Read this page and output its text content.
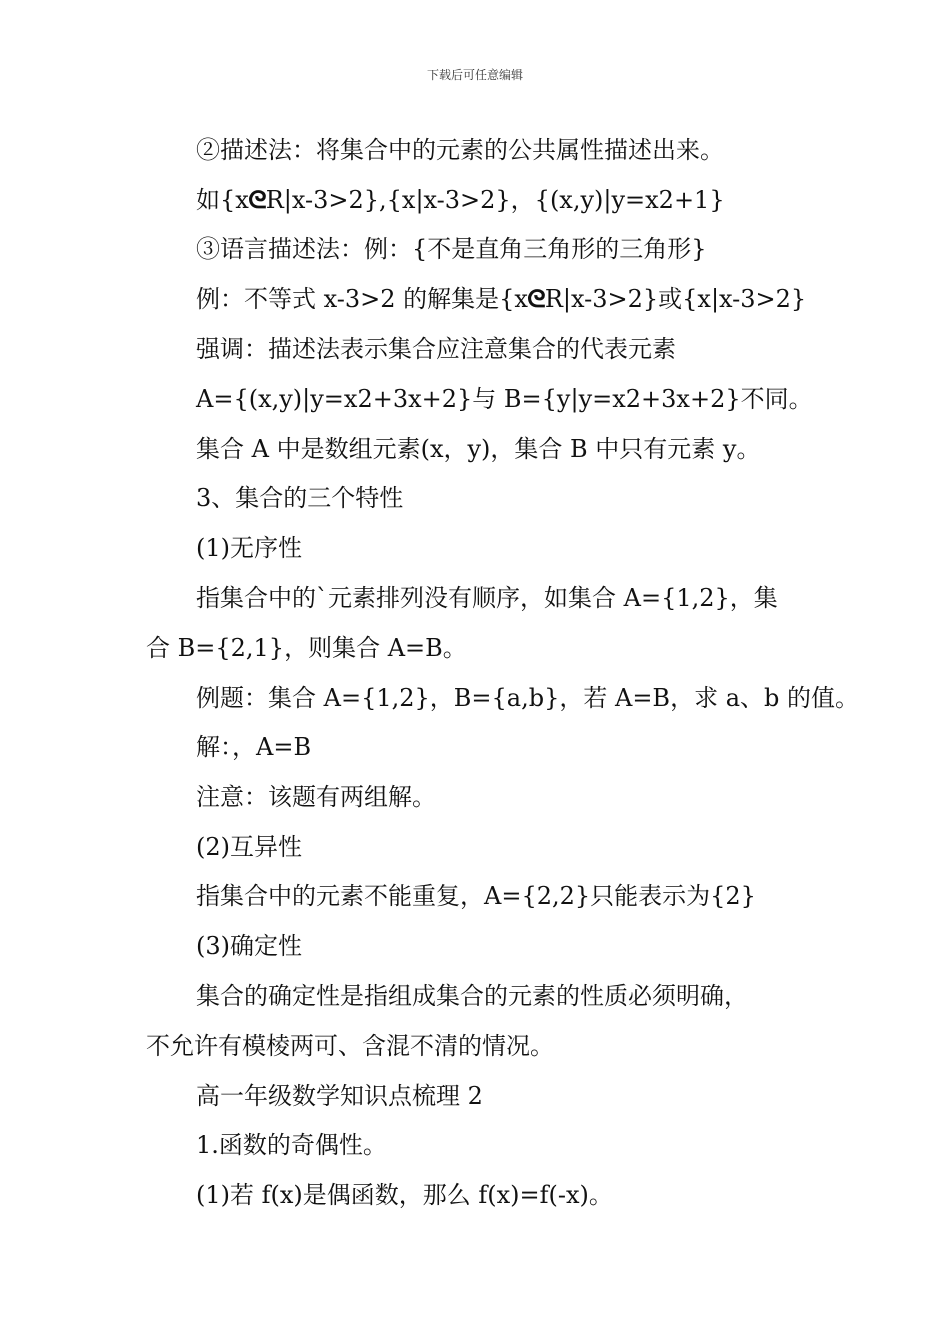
下载后可任意编辑
②描述法：将集合中的元素的公共属性描述出来。
如{xᘓR|x-3>2},{x|x-3>2}，{(x,y)|y=x2+1}
③语言描述法：例：{不是直角三角形的三角形}
例：不等式 x-3>2 的解集是{xᘓR|x-3>2}或{x|x-3>2}
强调：描述法表示集合应注意集合的代表元素
A={(x,y)|y=x2+3x+2}与 B={y|y=x2+3x+2}不同。
集合 A 中是数组元素(x，y)，集合 B 中只有元素 y。
3、集合的三个特性
(1)无序性
指集合中的`元素排列没有顺序，如集合 A={1,2}，集
合 B={2,1}，则集合 A=B。
例题：集合 A={1,2}，B={a,b}，若 A=B，求 a、b 的值。
解：，A=B
注意：该题有两组解。
(2)互异性
指集合中的元素不能重复，A={2,2}只能表示为{2}
(3)确定性
集合的确定性是指组成集合的元素的性质必须明确，
不允许有模棱两可、含混不清的情况。
高一年级数学知识点梳理 2
1.函数的奇偶性。
(1)若 f(x)是偶函数，那么 f(x)=f(-x)。
